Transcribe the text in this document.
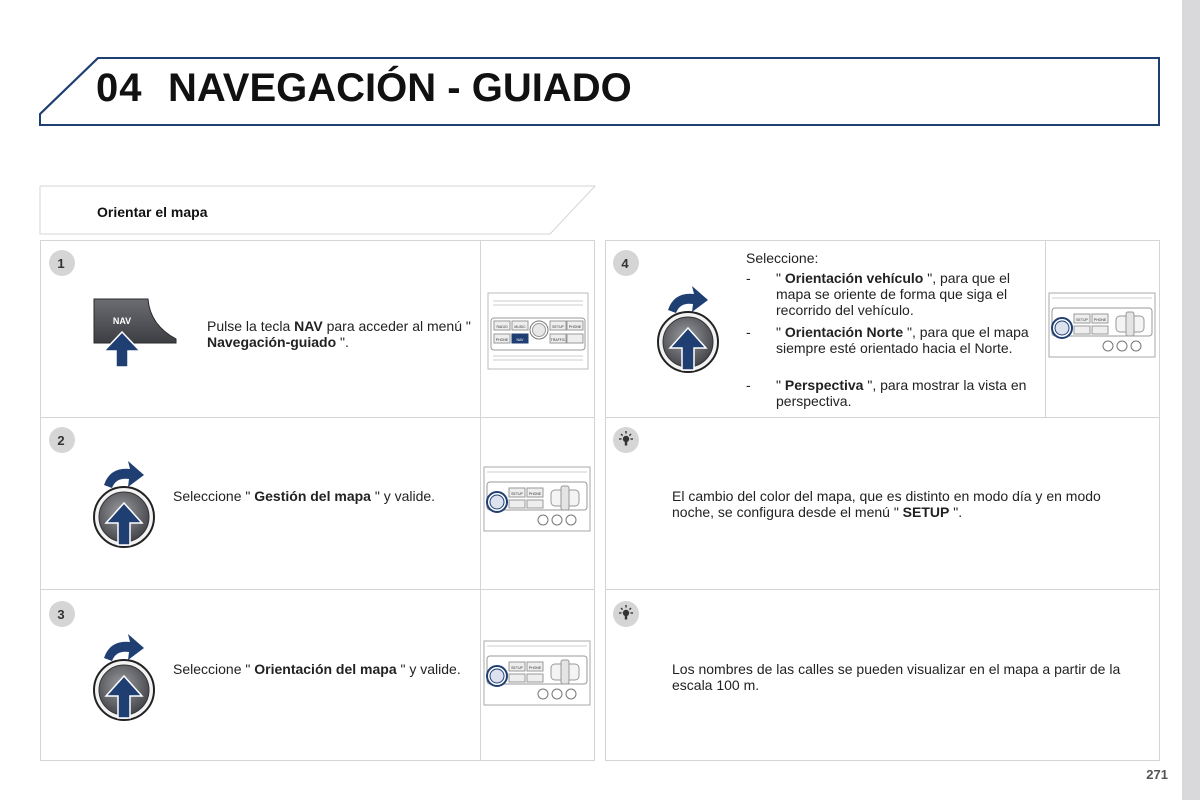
04 NAVEGACIÓN - GUIADO
Orientar el mapa
1
2
3
4
NAV	Pulse la tecla NAV para acceder al menú " Navegación-guiado ".
RADIO MUSIC	SETUP PHONE
PHONE NAV	TRAFFIC
Seleccione " Gestión del mapa " y valide.
Seleccione " Orientación del mapa " y valide.
SETUP PHONE
SETUP PHONE
SETUP PHONE
Seleccione:
- " Orientación vehículo ", para que el mapa se oriente de forma que siga el recorrido del vehículo.
- " Orientación Norte ", para que el mapa siempre esté orientado hacia el Norte.
- " Perspectiva ", para mostrar la vista en perspectiva.
El cambio del color del mapa, que es distinto en modo día y en modo noche, se configura desde el menú " SETUP ".
Los nombres de las calles se pueden visualizar en el mapa a partir de la escala 100 m.
271
